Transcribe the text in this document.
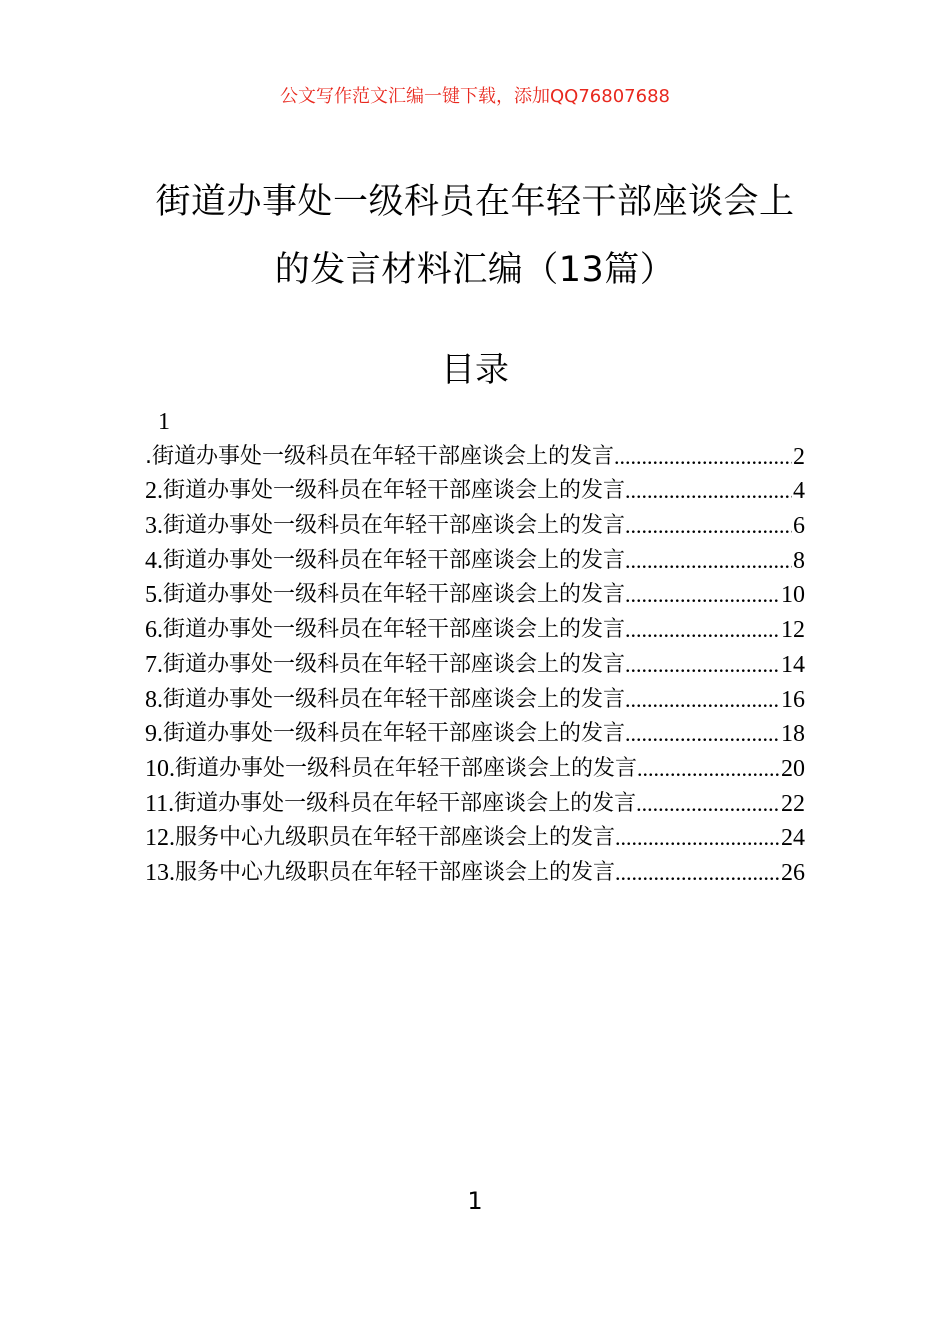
公文写作范文汇编一键下载，添加QQ76807688
街道办事处一级科员在年轻干部座谈会上
的发言材料汇编（13篇）
目录
1
.街道办事处一级科员在年轻干部座谈会上的发言 .....	2
2. 街道办事处一级科员在年轻干部座谈会上的发言 .....	4
3. 街道办事处一级科员在年轻干部座谈会上的发言 .....	6
4. 街道办事处一级科员在年轻干部座谈会上的发言 .....	8
5. 街道办事处一级科员在年轻干部座谈会上的发言 .....	10
6. 街道办事处一级科员在年轻干部座谈会上的发言 .....	12
7. 街道办事处一级科员在年轻干部座谈会上的发言 .....	14
8. 街道办事处一级科员在年轻干部座谈会上的发言 .....	16
9. 街道办事处一级科员在年轻干部座谈会上的发言 .....	18
10. 街道办事处一级科员在年轻干部座谈会上的发言 .....	20
11. 街道办事处一级科员在年轻干部座谈会上的发言 .....	22
12. 服务中心九级职员在年轻干部座谈会上的发言 .....	24
13. 服务中心九级职员在年轻干部座谈会上的发言 .....	26
1
